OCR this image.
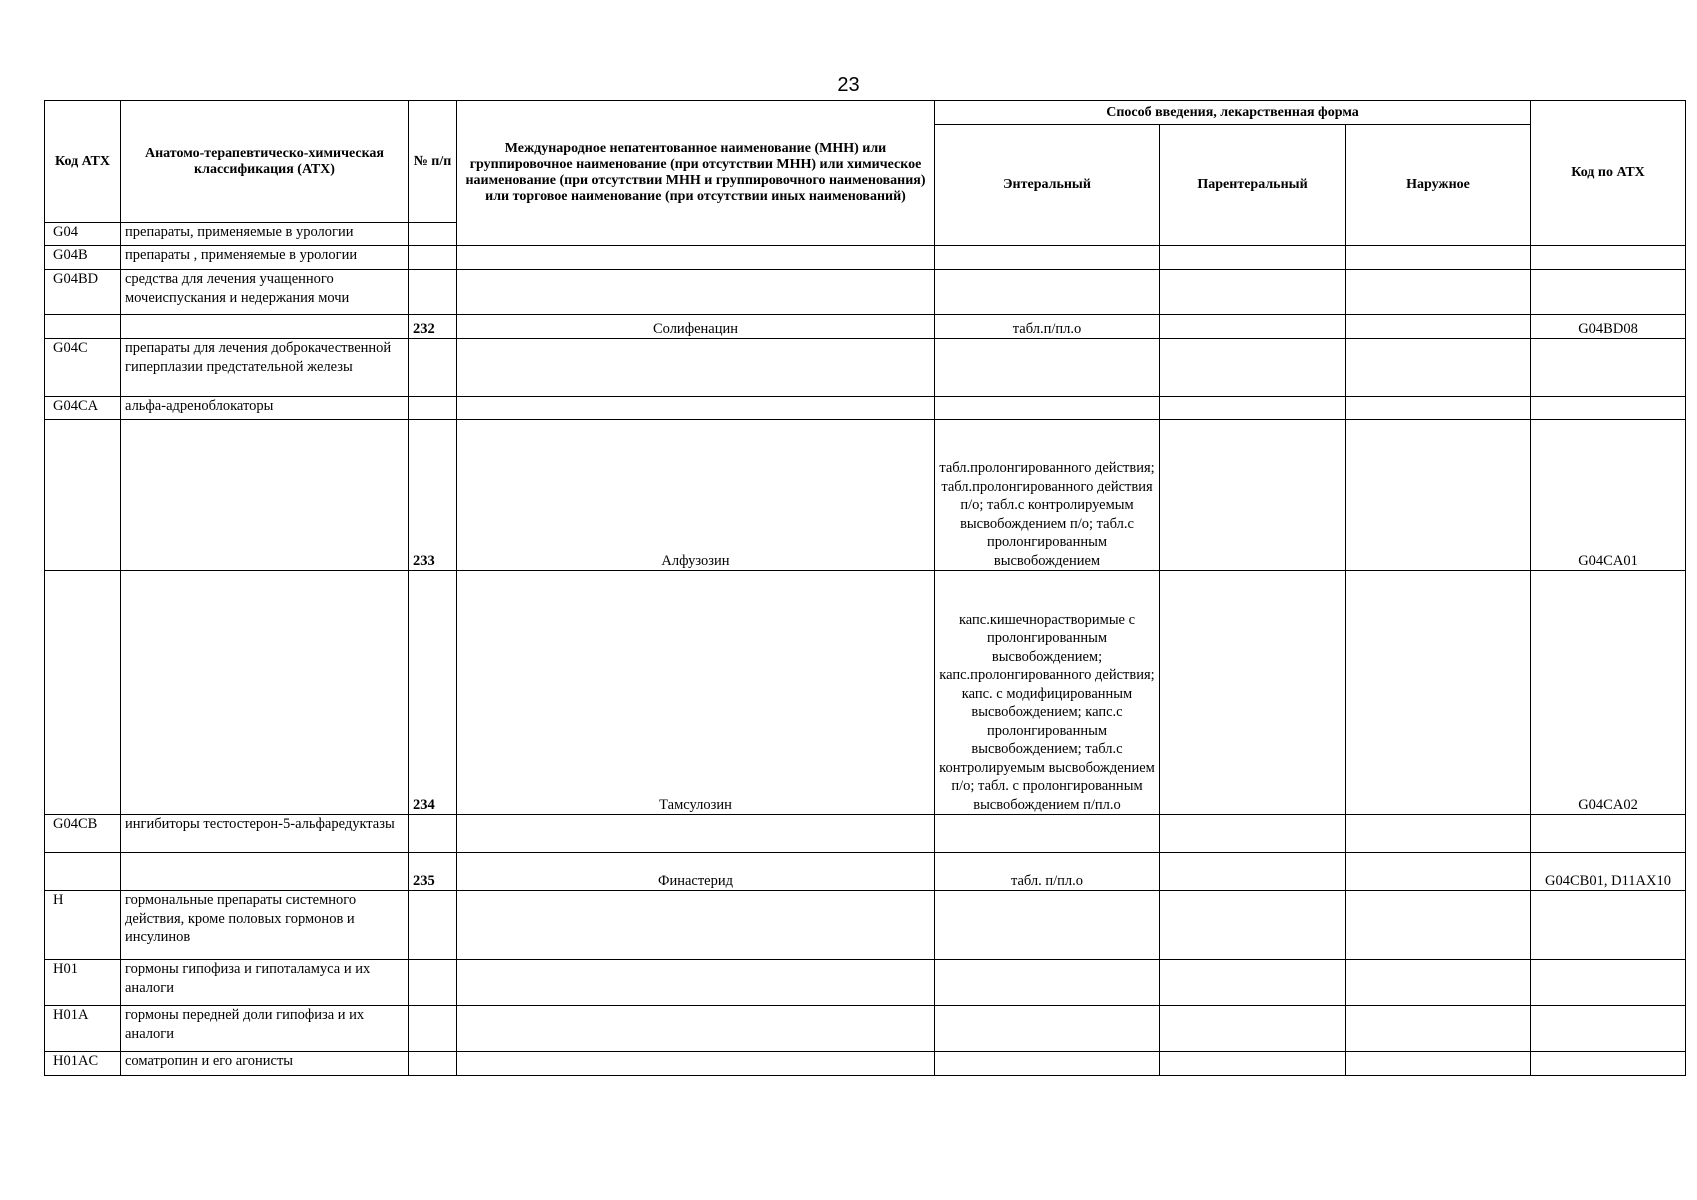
23
Код АТХ	Анатомо-терапевтическо-химическая классификация (АТХ)	№ п/п	Международное непатентованное наименование (МНН) или группировочное наименование (при отсутствии МНН) или химическое наименование (при отсутствии МНН и группировочного наименования) или торговое наименование (при отсутствии иных наименований)	Способ введения, лекарственная форма			Код по АТХ
				Энтеральный	Парентеральный	Наружное	
G04	препараты, применяемые в урологии						
G04B	препараты , применяемые в урологии						
G04BD	средства для лечения учащенного мочеиспускания и недержания мочи						
		232	Солифенацин	табл.п/пл.о			G04BD08
G04C	препараты для лечения доброкачественной гиперплазии предстательной железы						
G04CA	альфа-адреноблокаторы						
		233	Алфузозин	табл.пролонгированного действия; табл.пролонгированного действия п/о; табл.с контролируемым высвобождением п/о; табл.с пролонгированным высвобождением			G04CA01
		234	Тамсулозин	капс.кишечнорастворимые с пролонгированным высвобождением; капс.пролонгированного действия; капс. с модифицированным высвобождением; капс.с пролонгированным высвобождением; табл.с контролируемым высвобождением п/о; табл. с пролонгированным высвобождением п/пл.о			G04CA02
G04CB	ингибиторы тестостерон-5-альфаредуктазы						
		235	Финастерид	табл. п/пл.о			G04CB01, D11AX10
H	гормональные препараты системного действия, кроме половых гормонов и инсулинов						
H01	гормоны гипофиза и гипоталамуса и их аналоги						
H01A	гормоны передней доли гипофиза и их аналоги						
H01AC	соматропин и его агонисты						
